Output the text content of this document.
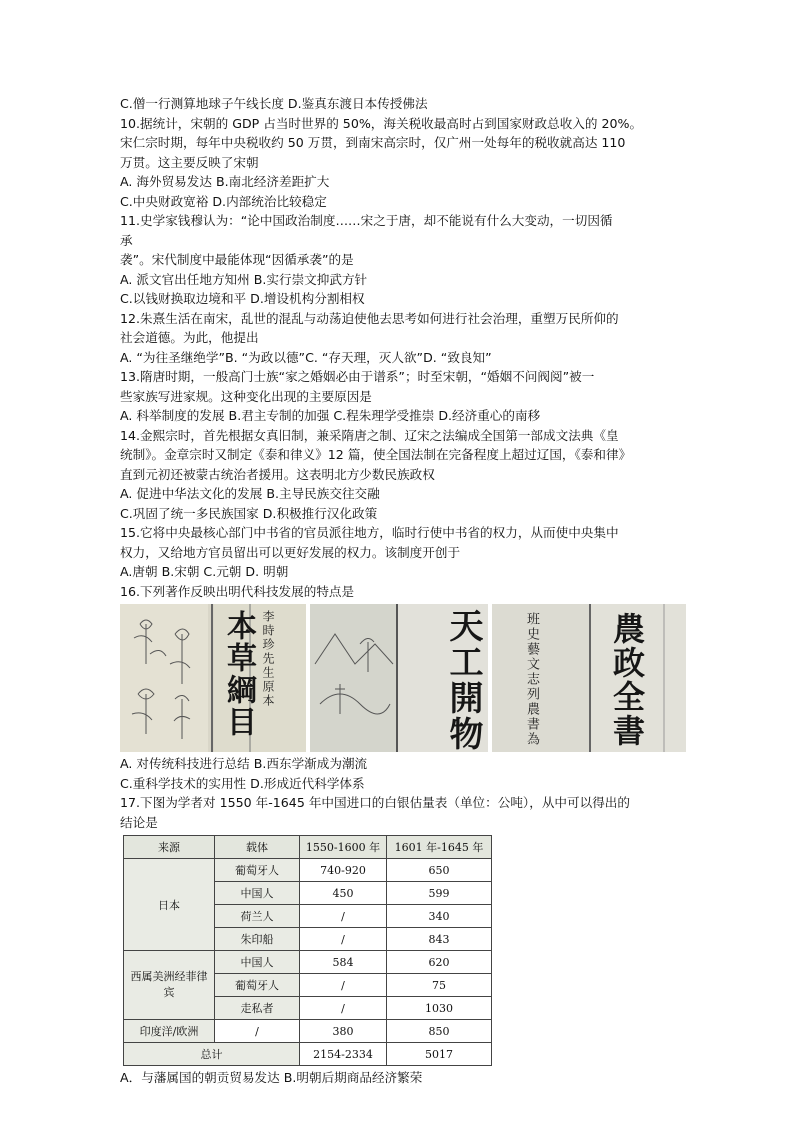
C.僧一行测算地球子午线长度 D.鉴真东渡日本传授佛法
10.据统计，宋朝的 GDP 占当时世界的 50%，海关税收最高时占到国家财政总收入的 20%。
宋仁宗时期，每年中央税收约 50 万贯，到南宋高宗时，仅广州一处每年的税收就高达 110
万贯。这主要反映了宋朝
A. 海外贸易发达 B.南北经济差距扩大
C.中央财政宽裕 D.内部统治比较稳定
11.史学家钱穆认为：“论中国政治制度……宋之于唐，却不能说有什么大变动，一切因循
承
袭”。宋代制度中最能体现“因循承袭”的是
A. 派文官出任地方知州 B.实行崇文抑武方针
C.以钱财换取边境和平 D.增设机构分割相权
12.朱熹生活在南宋，乱世的混乱与动荡迫使他去思考如何进行社会治理，重塑万民所仰的
社会道德。为此，他提出
A. “为往圣继绝学”B. “为政以德”C. “存天理，灭人欲”D. “致良知”
13.隋唐时期，一般高门士族“家之婚姻必由于谱系”；时至宋朝，“婚姻不问阀阅”被一
些家族写进家规。这种变化出现的主要原因是
A. 科举制度的发展 B.君主专制的加强 C.程朱理学受推崇 D.经济重心的南移
14.金熙宗时，首先根据女真旧制，兼采隋唐之制、辽宋之法编成全国第一部成文法典《皇
统制》。金章宗时又制定《泰和律义》12 篇，使全国法制在完备程度上超过辽国，《泰和律》
直到元初还被蒙古统治者援用。这表明北方少数民族政权
A. 促进中华法文化的发展 B.主导民族交往交融
C.巩固了统一多民族国家 D.积极推行汉化政策
15.它将中央最核心部门中书省的官员派往地方，临时行使中书省的权力，从而使中央集中
权力，又给地方官员留出可以更好发展的权力。该制度开创于
A.唐朝 B.宋朝 C.元朝 D. 明朝
16.下列著作反映出明代科技发展的特点是
本草綱目 李時珍先生原本	天工開物	班史藝文志列農書為 農政全書
A. 对传统科技进行总结 B.西东学渐成为潮流
C.重科学技术的实用性 D.形成近代科学体系
17.下图为学者对 1550 年-1645 年中国进口的白银估量表（单位：公吨），从中可以得出的
结论是
来源	载体	1550-1600 年	1601 年-1645 年
日本	葡萄牙人	740-920	650
	中国人	450	599
	荷兰人	/	340
	朱印船	/	843
西属美洲经菲律宾	中国人	584	620
	葡萄牙人	/	75
	走私者	/	1030
印度洋/欧洲	/	380	850
总计		2154-2334	5017
A．与藩属国的朝贡贸易发达 B.明朝后期商品经济繁荣
